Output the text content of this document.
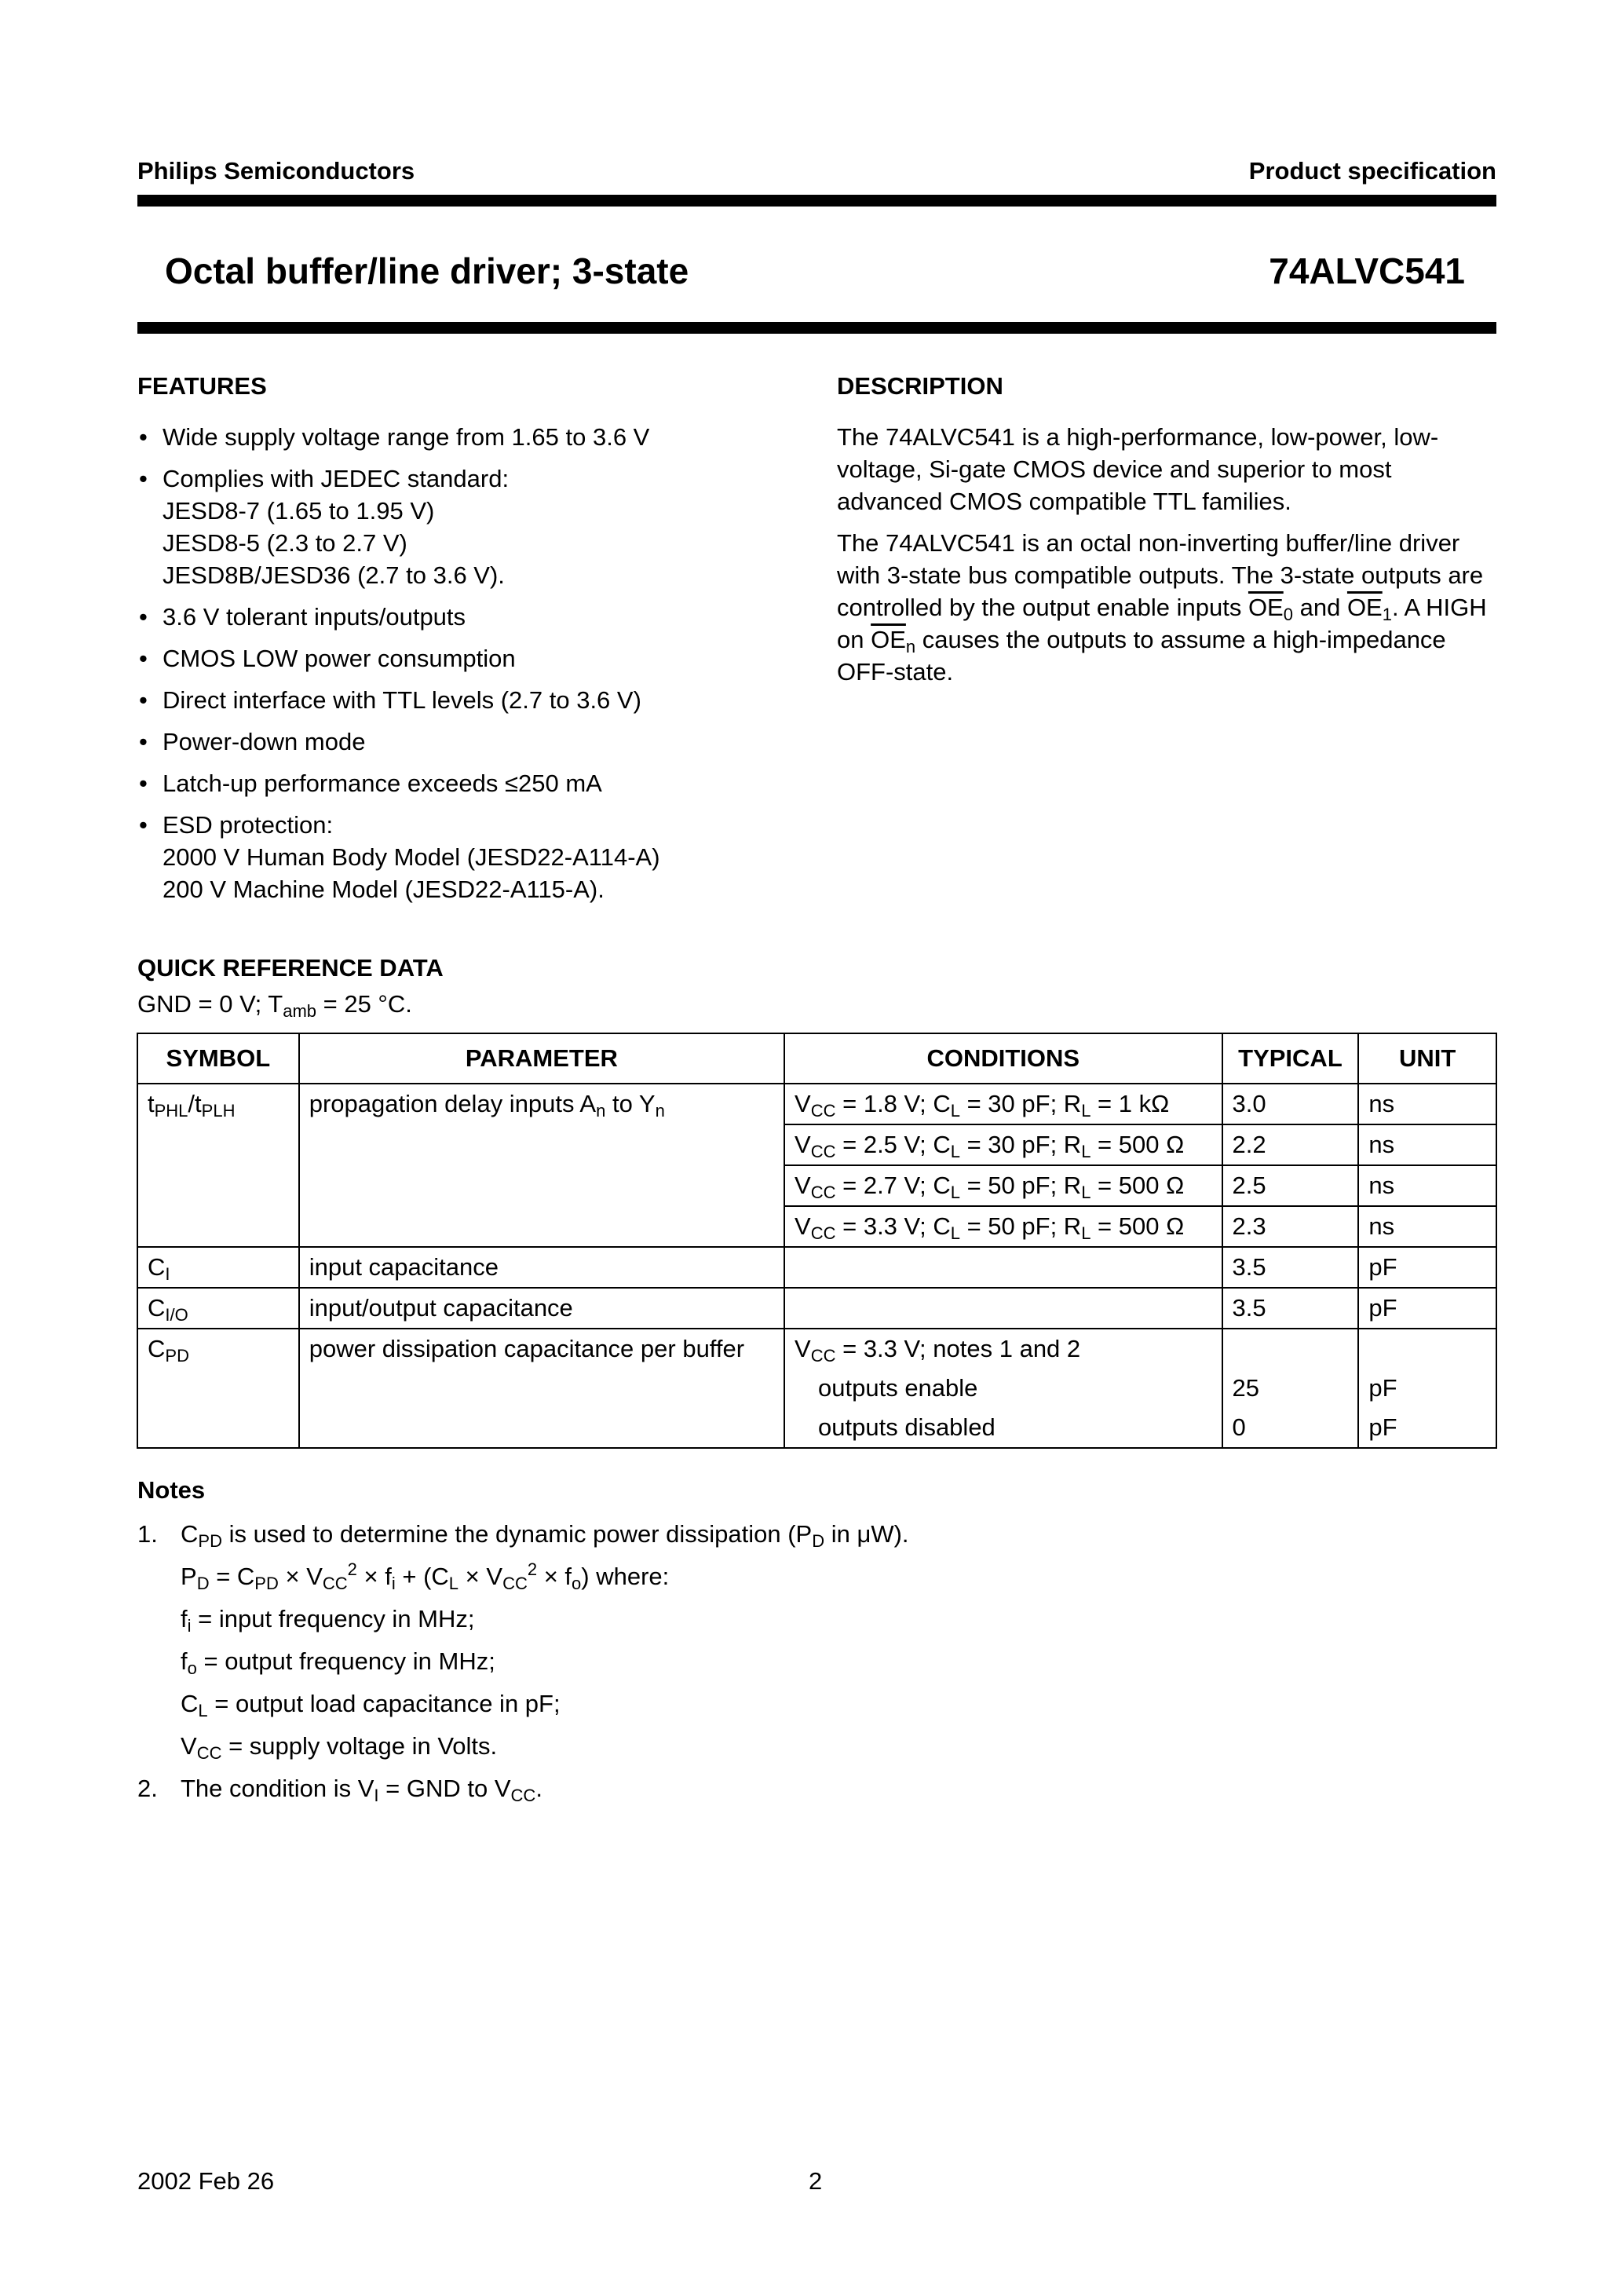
Philips Semiconductors	Product specification
Octal buffer/line driver; 3-state	74ALVC541
FEATURES
• Wide supply voltage range from 1.65 to 3.6 V
• Complies with JEDEC standard:
JESD8-7 (1.65 to 1.95 V)
JESD8-5 (2.3 to 2.7 V)
JESD8B/JESD36 (2.7 to 3.6 V).
• 3.6 V tolerant inputs/outputs
• CMOS LOW power consumption
• Direct interface with TTL levels (2.7 to 3.6 V)
• Power-down mode
• Latch-up performance exceeds ≤250 mA
• ESD protection:
2000 V Human Body Model (JESD22-A114-A)
200 V Machine Model (JESD22-A115-A).
DESCRIPTION

The 74ALVC541 is a high-performance, low-power, low-voltage, Si-gate CMOS device and superior to most advanced CMOS compatible TTL families.

The 74ALVC541 is an octal non-inverting buffer/line driver with 3-state bus compatible outputs. The 3-state outputs are controlled by the output enable inputs $\overline{OE}_0$ and $\overline{OE}_1$. A HIGH on $\overline{OE}_n$ causes the outputs to assume a high-impedance OFF-state.

QUICK REFERENCE DATA
GND = 0 V; $T_{amb} = 25$ °C.
SYMBOL	PARAMETER	CONDITIONS	TYPICAL	UNIT
$t_{PHL}/t_{PLH}$	propagation delay inputs $A_n$ to $Y_n$	$V_{CC} = 1.8$ V; $C_L = 30$ pF; $R_L = 1$ kΩ	3.0	ns
		$V_{CC} = 2.5$ V; $C_L = 30$ pF; $R_L = 500$ Ω	2.2	ns
		$V_{CC} = 2.7$ V; $C_L = 50$ pF; $R_L = 500$ Ω	2.5	ns
		$V_{CC} = 3.3$ V; $C_L = 50$ pF; $R_L = 500$ Ω	2.3	ns
$C_I$	input capacitance		3.5	pF
$C_{I/O}$	input/output capacitance		3.5	pF
$C_{PD}$	power dissipation capacitance per buffer	$V_{CC} = 3.3$ V; notes 1 and 2		
		outputs enable	25	pF
		outputs disabled	0	pF
Notes
1. $C_{PD}$ is used to determine the dynamic power dissipation ($P_D$ in μW).
$P_D = C_{PD} \times V_{CC}^2 \times f_i + (C_L \times V_{CC}^2 \times f_o)$ where:
$f_i$ = input frequency in MHz;
$f_o$ = output frequency in MHz;
$C_L$ = output load capacitance in pF;
$V_{CC}$ = supply voltage in Volts.
2. The condition is $V_I$ = GND to $V_{CC}$.
2002 Feb 26	2
